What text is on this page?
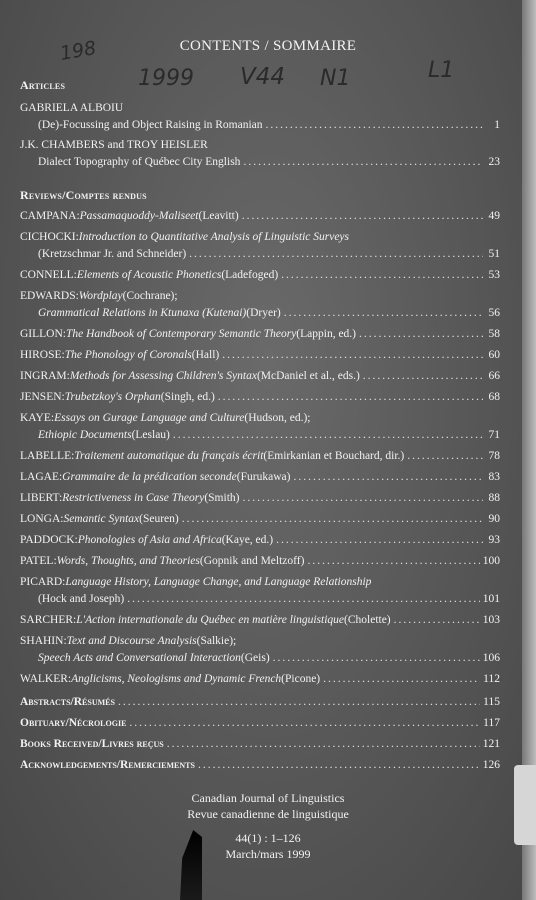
CONTENTS / SOMMAIRE
198
1999 V44 N1	L1
Articles
GABRIELA ALBOIU
(De)-Focussing and Object Raising in Romanian .....	1
J.K. CHAMBERS and TROY HEISLER
Dialect Topography of Québec City English .....	23
Reviews/Comptes rendus
CAMPANA: Passamaquoddy-Maliseet (Leavitt) .....	49
CICHOCKI: Introduction to Quantitative Analysis of Linguistic Surveys
(Kretzschmar Jr. and Schneider) .....	51
CONNELL: Elements of Acoustic Phonetics (Ladefoged) .....	53
EDWARDS: Wordplay (Cochrane);
Grammatical Relations in Ktunaxa (Kutenai) (Dryer) .....	56
GILLON: The Handbook of Contemporary Semantic Theory (Lappin, ed.) .....	58
HIROSE: The Phonology of Coronals (Hall) .....	60
INGRAM: Methods for Assessing Children's Syntax (McDaniel et al., eds.) .....	66
JENSEN: Trubetzkoy's Orphan (Singh, ed.) .....	68
KAYE: Essays on Gurage Language and Culture (Hudson, ed.);
Ethiopic Documents (Leslau) .....	71
LABELLE: Traitement automatique du français écrit (Emirkanian et Bouchard, dir.) .....	78
LAGAE: Grammaire de la prédication seconde (Furukawa) .....	83
LIBERT: Restrictiveness in Case Theory (Smith) .....	88
LONGA: Semantic Syntax (Seuren) .....	90
PADDOCK: Phonologies of Asia and Africa (Kaye, ed.) .....	93
PATEL: Words, Thoughts, and Theories (Gopnik and Meltzoff) .....	100
PICARD: Language History, Language Change, and Language Relationship
(Hock and Joseph) .....	101
SARCHER: L'Action internationale du Québec en matière linguistique (Cholette) .....	103
SHAHIN: Text and Discourse Analysis (Salkie);
Speech Acts and Conversational Interaction (Geis) .....	106
WALKER: Anglicisms, Neologisms and Dynamic French (Picone) .....	112
Abstracts/Résumés .....	115
Obituary/Nécrologie .....	117
Books Received/Livres reçus .....	121
Acknowledgements/Remerciements .....	126
Canadian Journal of Linguistics
Revue canadienne de linguistique
44(1) : 1–126
March/mars 1999
